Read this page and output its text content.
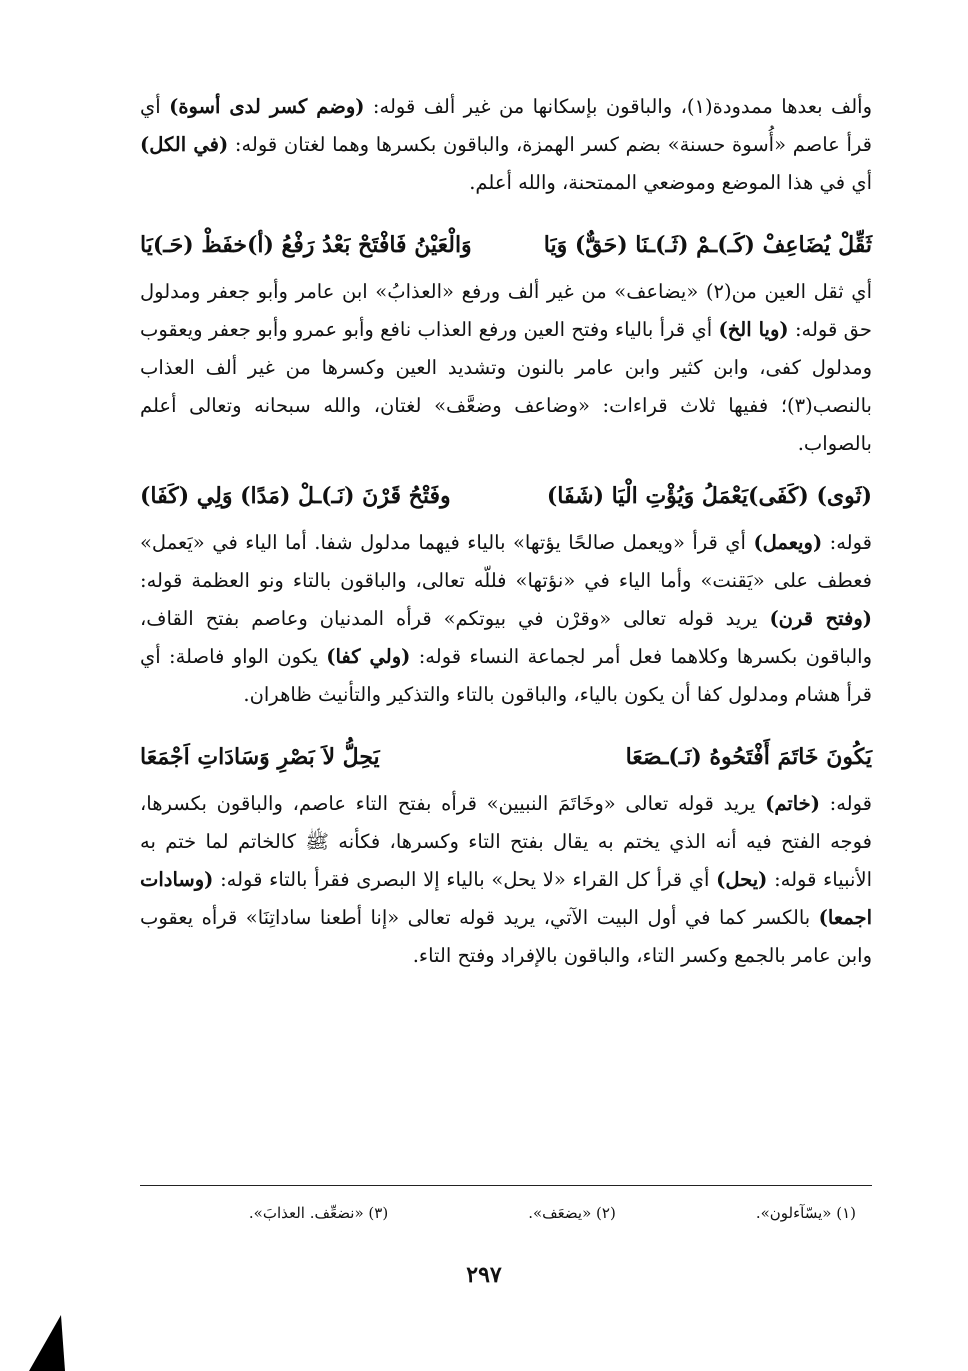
وألف بعدها ممدودة(١)، والباقون بإسكانها من غير ألف قوله: (وضم كسر لدى أسوة) أي قرأ عاصم «أُسوة حسنة» بضم كسر الهمزة، والباقون بكسرها وهما لغتان قوله: (في الكل) أي في هذا الموضع وموضعي الممتحنة، والله أعلم.

ثَقِّلْ يُضَاعِفْ (كَـ)ـمْ (ثَـ)ـنَا (حَقٌّ) وَيَا
وَالْعَيْنُ فَافْتَحْ بَعْدُ رَفْعُ (أ)خفَظْ (حَـ)يَا

أي ثقل العين من(٢) «يضاعف» من غير ألف ورفع «العذابُ» ابن عامر وأبو جعفر ومدلول حق قوله: (ويا الخ) أي قرأ بالياء وفتح العين ورفع العذاب نافع وأبو عمرو وأبو جعفر ويعقوب ومدلول كفى، وابن كثير وابن عامر بالنون وتشديد العين وكسرها من غير ألف العذاب بالنصب(٣)؛ ففيها ثلاث قراءات: «وضاعف وضعَّف» لغتان، والله سبحانه وتعالى أعلم بالصواب.

(ثَوى) (كَفَى)يَعْمَلُ وَيُؤْتِ الْيَا (شَفَا)
وفَتْحُ قَرْنَ (نَـ)ـلْ (مَدًا) وَلِي (كَفَا)

قوله: (ويعمل) أي قرأ «ويعمل صالحًا يؤتها» بالياء فيهما مدلول شفا. أما الياء في «يَعمل» فعطف على «يَقنت» وأما الياء في «نؤتها» فللّه تعالى، والباقون بالتاء ونو العظمة قوله: (وفتح قرن) يريد قوله تعالى «وقرْن في بيوتكم» قرأه المدنيان وعاصم بفتح القاف، والباقون بكسرها وكلاهما فعل أمر لجماعة النساء قوله: (ولي كفا) يكون الواو فاصلة: أي قرأ هشام ومدلول كفا أن يكون بالياء، والباقون بالتاء والتذكير والتأنيث ظاهران.

يَكُونَ خَاتَمَ أَفْتَحُوهُ (نَـ)ـصَعَا
يَحِلُّ لاَ بَصْرِ وَسَادَاتِ اَجْمَعَا

قوله: (خاتم) يريد قوله تعالى «وخَاتَمَ النبيين» قرأه بفتح التاء عاصم، والباقون بكسرها، فوجه الفتح فيه أنه الذي يختم به يقال بفتح التاء وكسرها، فكأنه ﷺ كالخاتم لما ختم به الأنبياء قوله: (يحل) أي قرأ كل القراء «لا يحل» بالياء إلا البصرى فقرأ بالتاء قوله: (وسادات اجمعا) بالكسر كما في أول البيت الآتي، يريد قوله تعالى «إنا أطعنا ساداتِنَا» قرأه يعقوب وابن عامر بالجمع وكسر التاء، والباقون بالإفراد وفتح التاء.

(١) «يسّآءلون».
(٢) «يضعَف».
(٣) «نضعِّف. العذابَ».
٢٩٧
